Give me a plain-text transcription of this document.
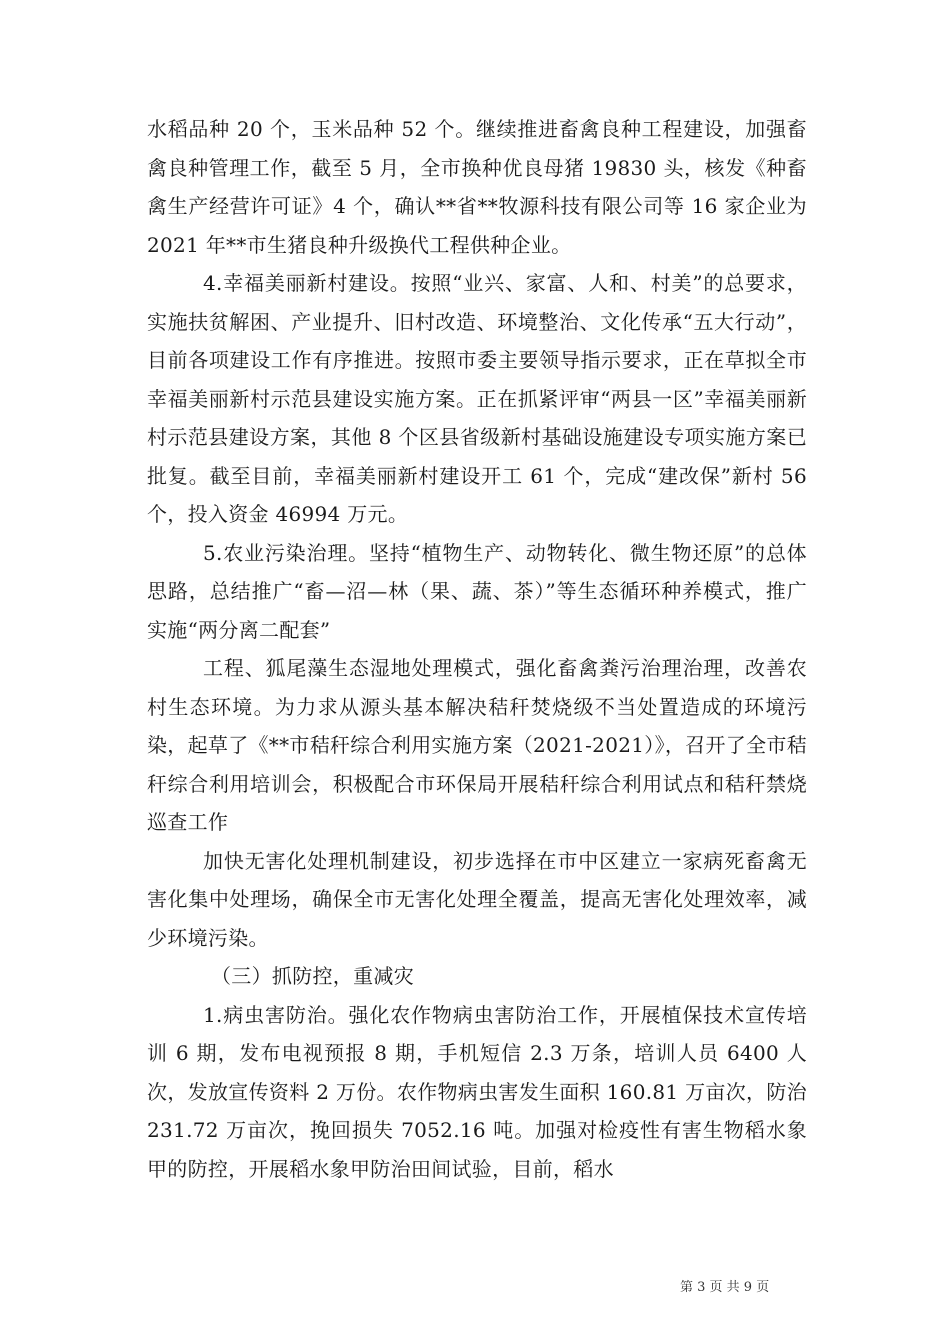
水稻品种 20 个，玉米品种 52 个。继续推进畜禽良种工程建设，加强畜禽良种管理工作，截至 5 月，全市换种优良母猪 19830 头，核发《种畜禽生产经营许可证》4 个，确认**省**牧源科技有限公司等 16 家企业为 2021 年**市生猪良种升级换代工程供种企业。

4.幸福美丽新村建设。按照“业兴、家富、人和、村美”的总要求，实施扶贫解困、产业提升、旧村改造、环境整治、文化传承“五大行动”，目前各项建设工作有序推进。按照市委主要领导指示要求，正在草拟全市幸福美丽新村示范县建设实施方案。正在抓紧评审“两县一区”幸福美丽新村示范县建设方案，其他 8 个区县省级新村基础设施建设专项实施方案已批复。截至目前，幸福美丽新村建设开工 61 个，完成“建改保”新村 56 个，投入资金 46994 万元。

5.农业污染治理。坚持“植物生产、动物转化、微生物还原”的总体思路，总结推广“畜—沼—林（果、蔬、茶）”等生态循环种养模式，推广实施“两分离二配套”

工程、狐尾藻生态湿地处理模式，强化畜禽粪污治理治理，改善农村生态环境。为力求从源头基本解决秸秆焚烧级不当处置造成的环境污染，起草了《**市秸秆综合利用实施方案（2021-2021）》，召开了全市秸秆综合利用培训会，积极配合市环保局开展秸秆综合利用试点和秸秆禁烧巡查工作

加快无害化处理机制建设，初步选择在市中区建立一家病死畜禽无害化集中处理场，确保全市无害化处理全覆盖，提高无害化处理效率，减少环境污染。

（三）抓防控，重减灾

1.病虫害防治。强化农作物病虫害防治工作，开展植保技术宣传培训 6 期，发布电视预报 8 期，手机短信 2.3 万条，培训人员 6400 人次，发放宣传资料 2 万份。农作物病虫害发生面积 160.81 万亩次，防治 231.72 万亩次，挽回损失 7052.16 吨。加强对检疫性有害生物稻水象甲的防控，开展稻水象甲防治田间试验，目前，稻水

第 3 页 共 9 页
